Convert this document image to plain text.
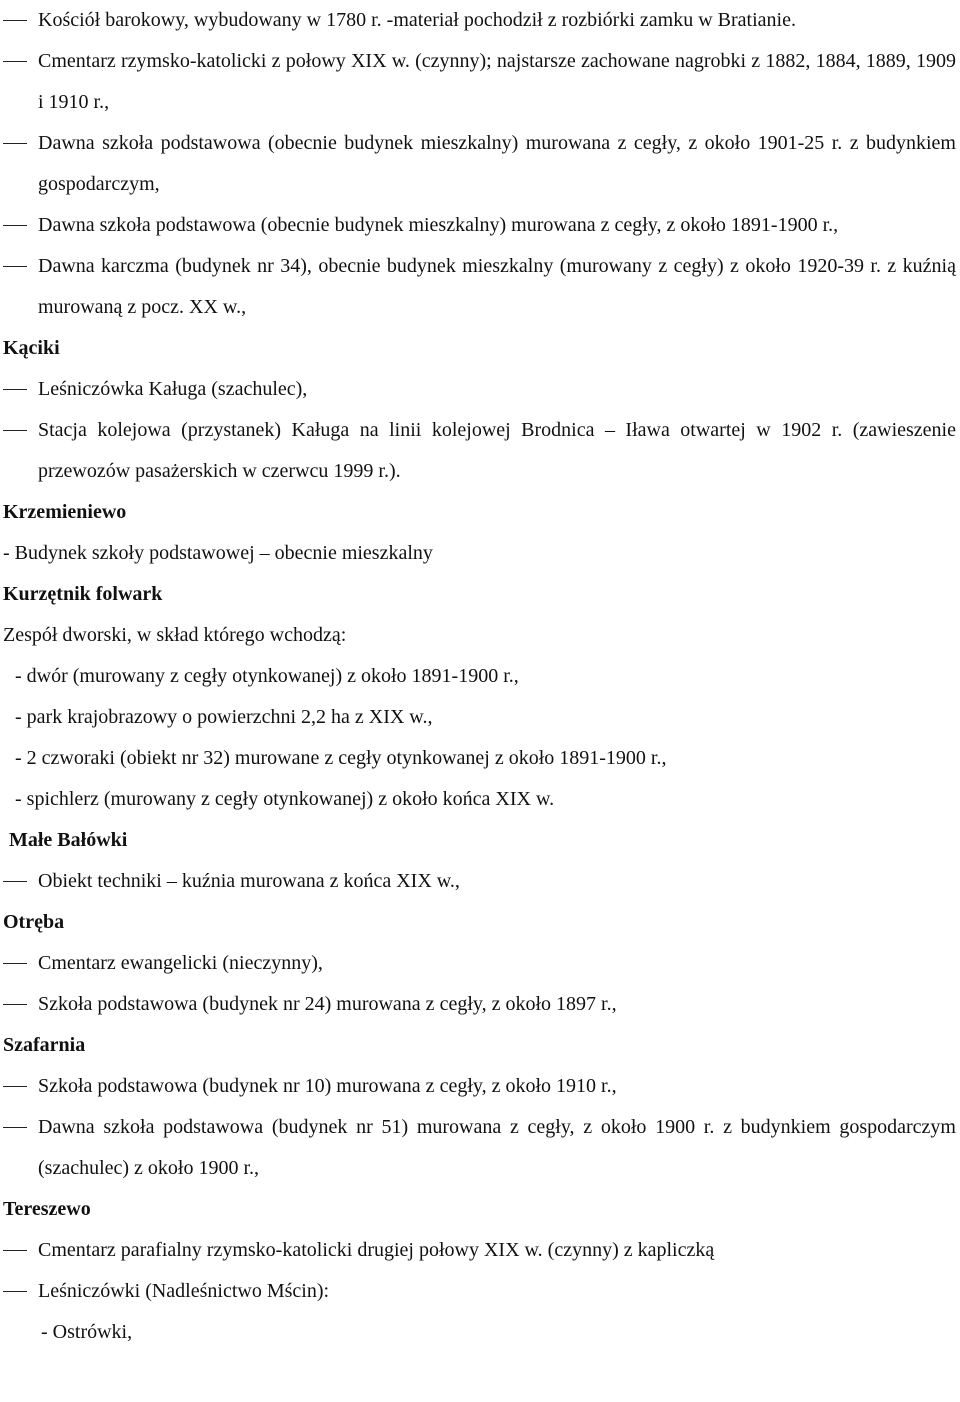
Kościół barokowy, wybudowany w 1780 r. -materiał pochodził z rozbiórki zamku w Bratianie.
Cmentarz rzymsko-katolicki z połowy XIX w. (czynny); najstarsze zachowane nagrobki z 1882, 1884, 1889, 1909 i 1910 r.,
Dawna szkoła podstawowa (obecnie budynek mieszkalny) murowana z cegły, z około 1901-25 r. z budynkiem gospodarczym,
Dawna szkoła podstawowa (obecnie budynek mieszkalny) murowana z cegły, z około 1891-1900 r.,
Dawna karczma (budynek nr 34), obecnie budynek mieszkalny (murowany z cegły) z około 1920-39 r. z kuźnią murowaną z pocz. XX w.,
Kąciki
Leśniczówka Kaługa (szachulec),
Stacja kolejowa (przystanek) Kaługa na linii kolejowej Brodnica – Iława otwartej w 1902 r. (zawieszenie przewozów pasażerskich w czerwcu 1999 r.).
Krzemieniewo
- Budynek szkoły podstawowej – obecnie mieszkalny
Kurzętnik folwark
Zespół dworski, w skład którego wchodzą:
- dwór (murowany z cegły otynkowanej) z około 1891-1900 r.,
- park krajobrazowy o powierzchni 2,2 ha z XIX w.,
- 2 czworaki (obiekt nr 32) murowane z cegły otynkowanej z około 1891-1900 r.,
- spichlerz (murowany z cegły otynkowanej) z około końca XIX w.
Małe Bałówki
Obiekt techniki – kuźnia murowana z końca XIX w.,
Otręba
Cmentarz ewangelicki (nieczynny),
Szkoła podstawowa (budynek nr 24) murowana z cegły, z około 1897 r.,
Szafarnia
Szkoła podstawowa (budynek nr 10) murowana z cegły, z około 1910 r.,
Dawna szkoła podstawowa (budynek nr 51) murowana z cegły, z około 1900 r. z budynkiem gospodarczym (szachulec) z około 1900 r.,
Tereszewo
Cmentarz parafialny rzymsko-katolicki drugiej połowy XIX w. (czynny) z kapliczką
Leśniczówki (Nadleśnictwo Mścin):
- Ostrówki,
